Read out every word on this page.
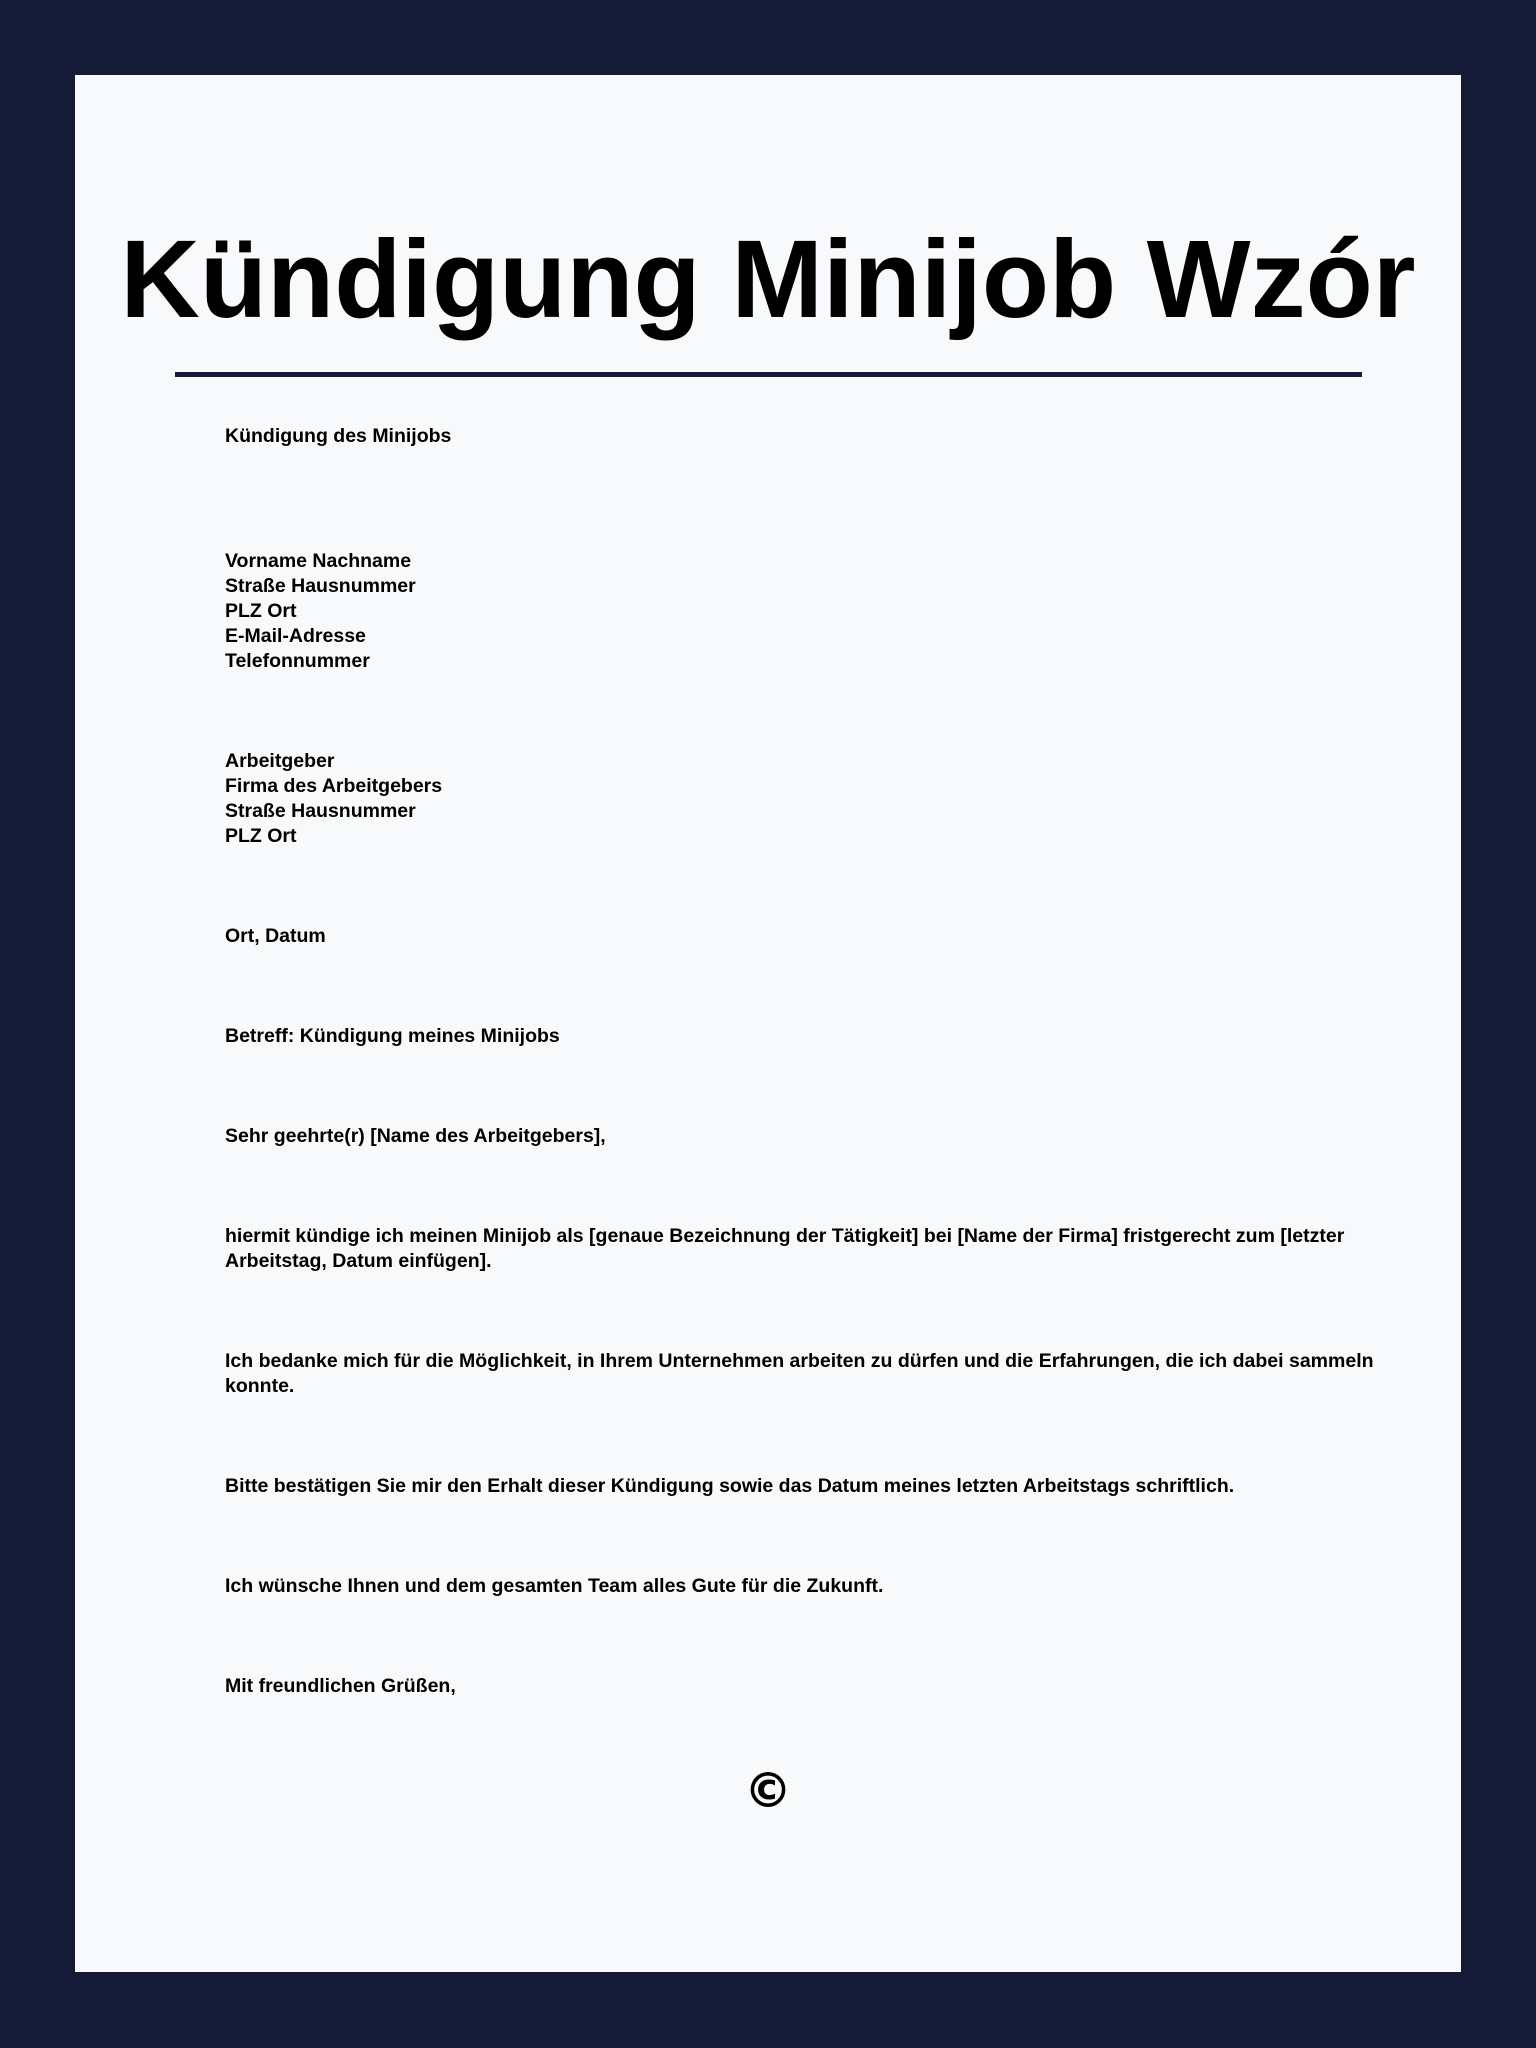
Kündigung Minijob Wzór
Kündigung des Minijobs
Vorname Nachname
Straße Hausnummer
PLZ Ort
E-Mail-Adresse
Telefonnummer
Arbeitgeber
Firma des Arbeitgebers
Straße Hausnummer
PLZ Ort
Ort, Datum
Betreff: Kündigung meines Minijobs
Sehr geehrte(r) [Name des Arbeitgebers],
hiermit kündige ich meinen Minijob als [genaue Bezeichnung der Tätigkeit] bei [Name der Firma] fristgerecht zum [letzter Arbeitstag, Datum einfügen].
Ich bedanke mich für die Möglichkeit, in Ihrem Unternehmen arbeiten zu dürfen und die Erfahrungen, die ich dabei sammeln konnte.
Bitte bestätigen Sie mir den Erhalt dieser Kündigung sowie das Datum meines letzten Arbeitstags schriftlich.
Ich wünsche Ihnen und dem gesamten Team alles Gute für die Zukunft.
Mit freundlichen Grüßen,
©
